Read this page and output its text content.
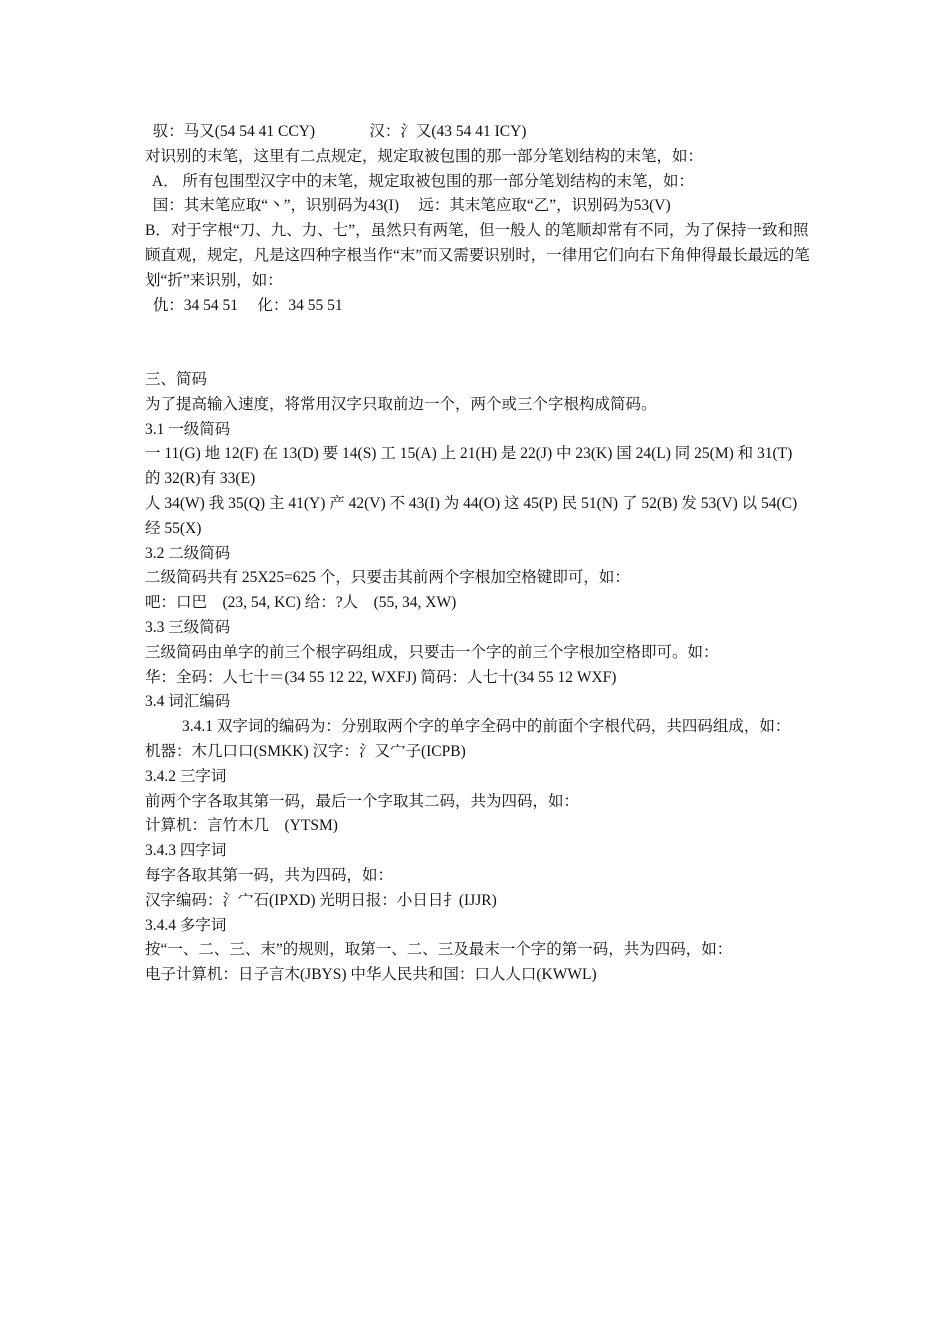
驭：马又(54 54 41 CCY)              汉：氵又(43 54 41 ICY)

对识别的末笔，这里有二点规定，规定取被包围的那一部分笔划结构的末笔，如：

A． 所有包围型汉字中的末笔，规定取被包围的那一部分笔划结构的末笔，如：

国：其末笔应取“丶”，识别码为43(I)     远：其末笔应取“乙”，识别码为53(V)

B．对于字根“刀、九、力、七”，虽然只有两笔，但一般人 的笔顺却常有不同，为了保持一致和照顾直观，规定，凡是这四种字根当作“末”而又需要识别时，一律用它们向右下角伸得最长最远的笔划“折”来识别，如：

仇：34 54 51     化：34 55 51

三、简码

为了提高输入速度，将常用汉字只取前边一个，两个或三个字根构成简码。

3.1 一级简码

一 11(G) 地 12(F) 在 13(D) 要 14(S) 工 15(A) 上 21(H) 是 22(J) 中 23(K) 国 24(L) 同 25(M) 和 31(T) 的 32(R)有 33(E)

人 34(W) 我 35(Q) 主 41(Y) 产 42(V) 不 43(I) 为 44(O) 这 45(P) 民 51(N) 了 52(B) 发 53(V) 以 54(C) 经 55(X)

3.2 二级简码

二级简码共有 25X25=625 个，只要击其前两个字根加空格键即可，如：

吧：口巴    (23, 54, KC) 给：?人    (55, 34, XW)

3.3 三级简码

三级简码由单字的前三个根字码组成，只要击一个字的前三个字根加空格即可。如：

华：全码：人七十＝(34 55 12 22, WXFJ) 简码：人七十(34 55 12 WXF)

3.4 词汇编码

3.4.1 双字词的编码为：分别取两个字的单字全码中的前面个字根代码，共四码组成，如：

机器：木几口口(SMKK) 汉字：氵又宀子(ICPB)

3.4.2 三字词

前两个字各取其第一码，最后一个字取其二码，共为四码，如：

计算机：言竹木几    (YTSM)

3.4.3 四字词

每字各取其第一码，共为四码，如：

汉字编码：氵宀石(IPXD) 光明日报：小日日扌(IJJR)

3.4.4 多字词

按“一、二、三、末”的规则，取第一、二、三及最末一个字的第一码，共为四码，如：

电子计算机：日子言木(JBYS) 中华人民共和国：口人人口(KWWL)
